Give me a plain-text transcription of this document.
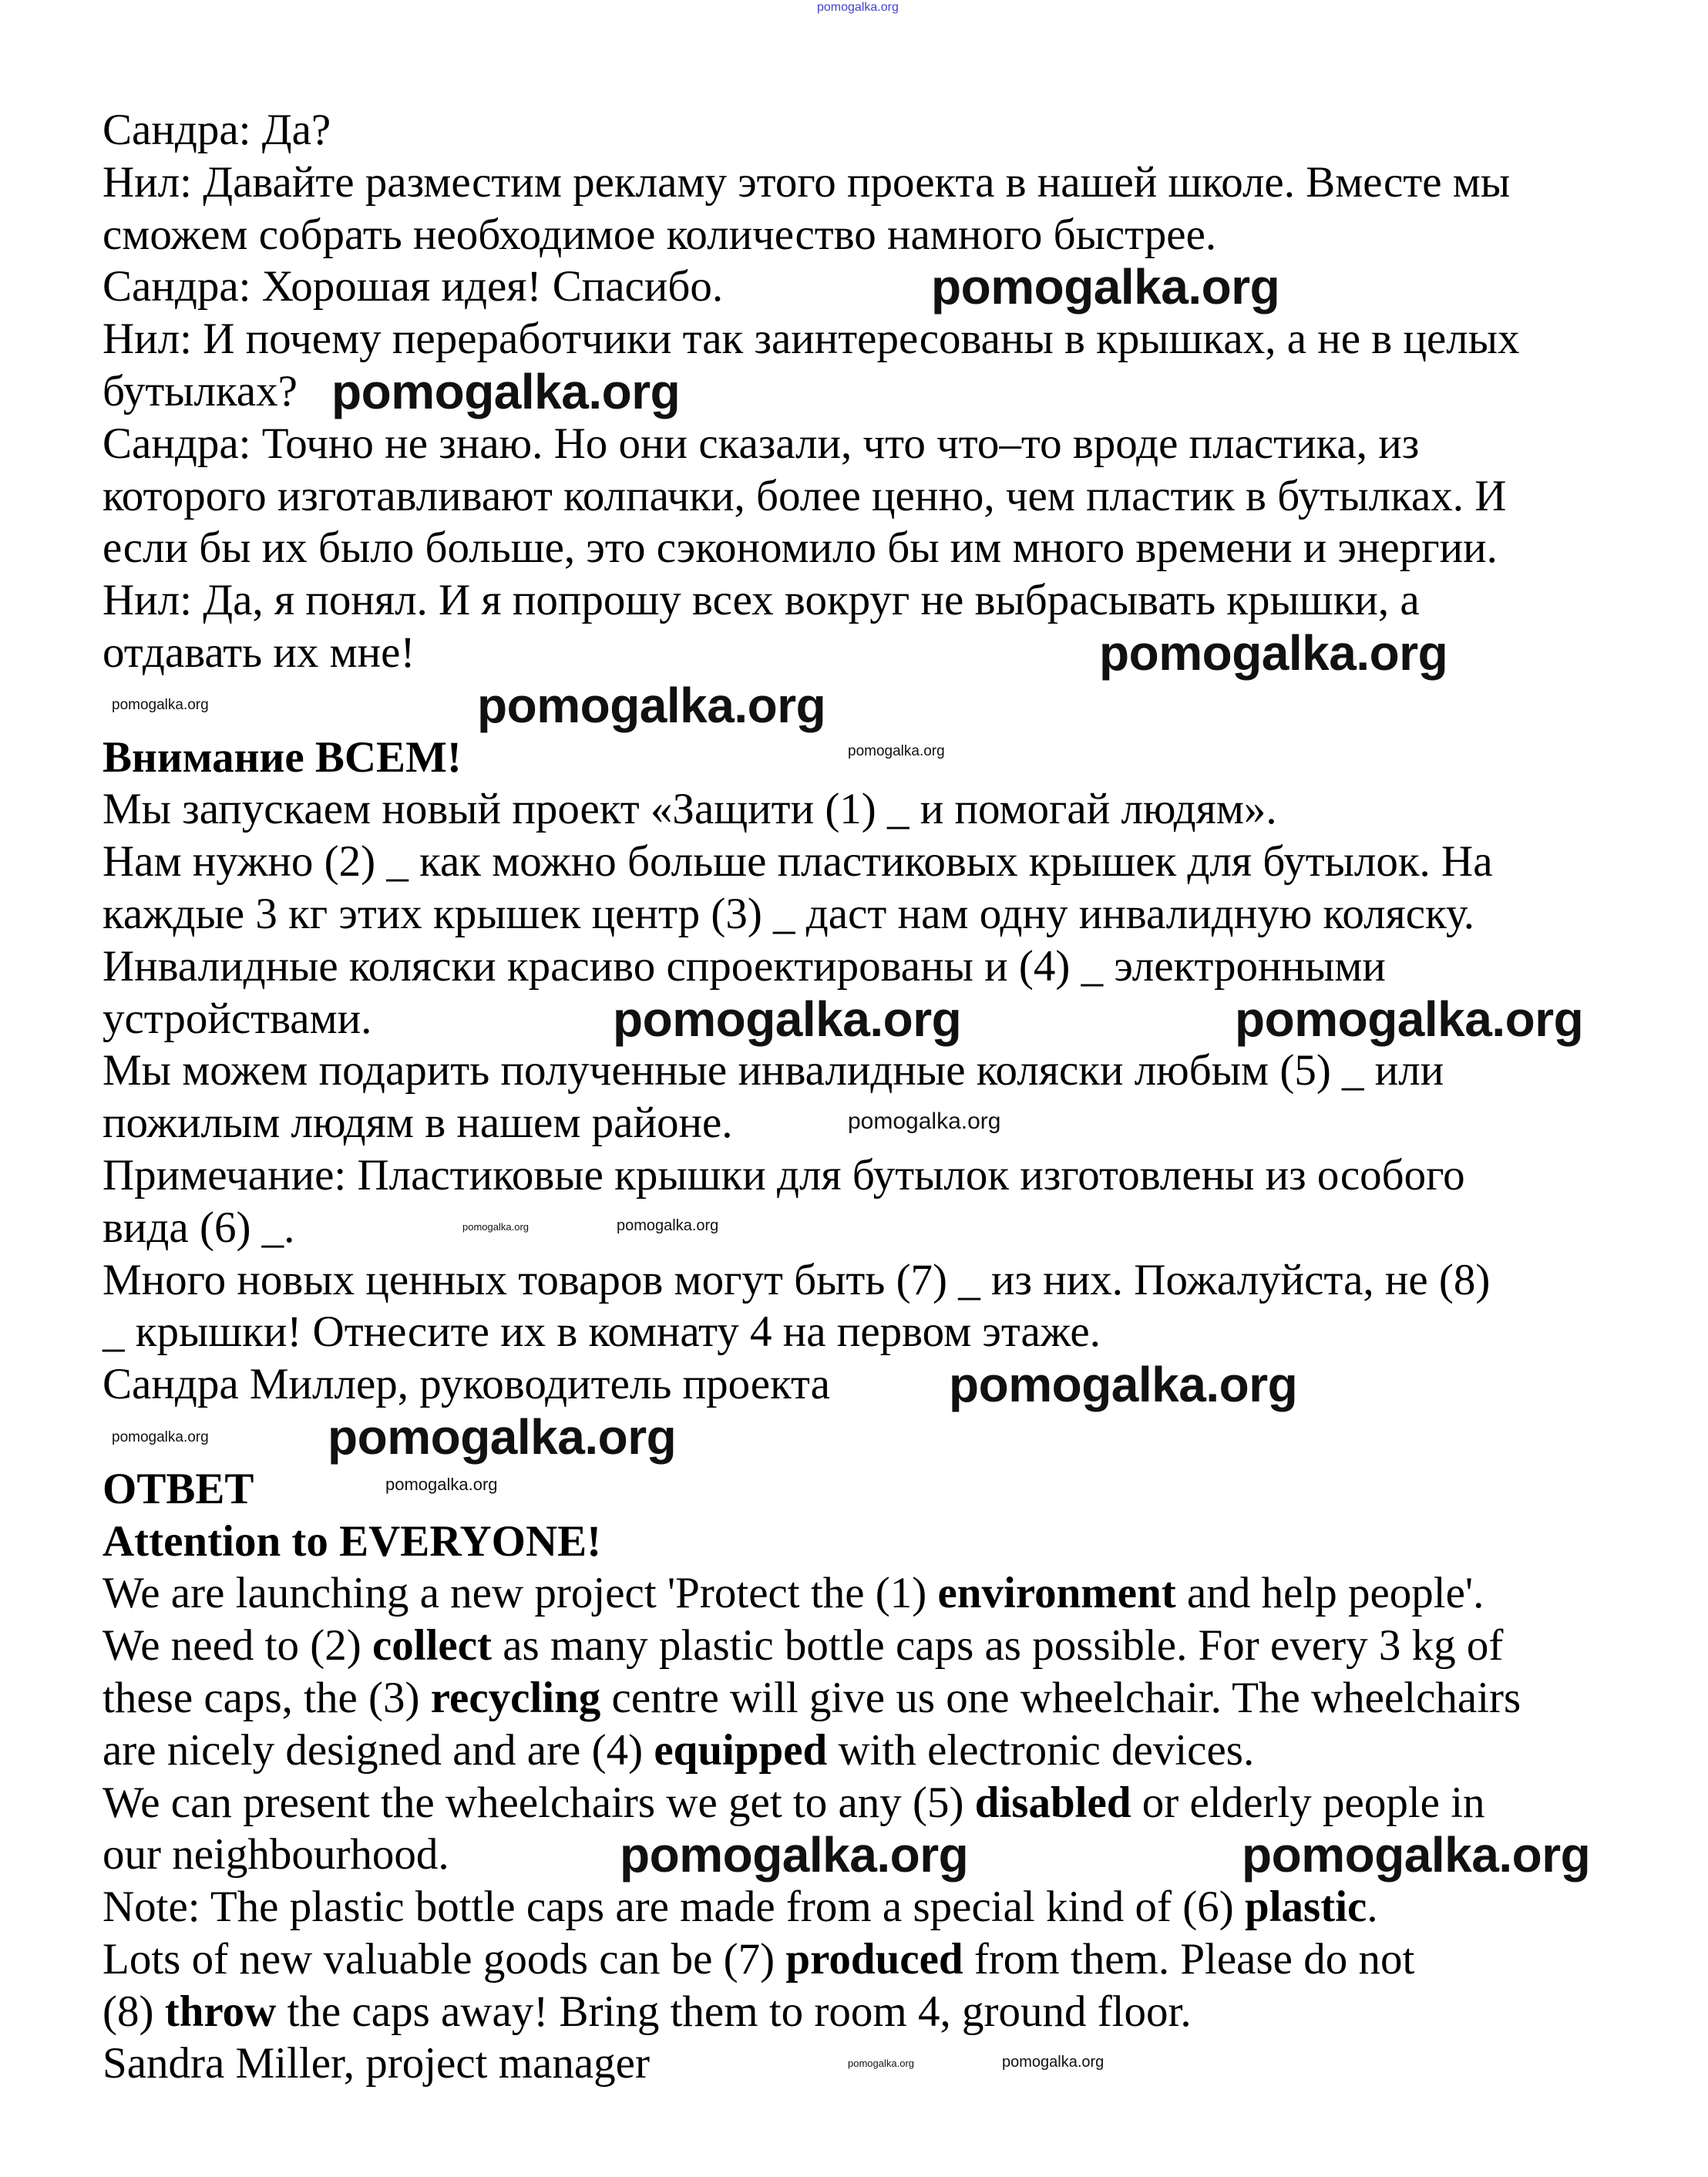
Сандра: Да?
Нил: Давайте разместим рекламу этого проекта в нашей школе. Вместе мы
сможем собрать необходимое количество намного быстрее.
Сандра: Хорошая идея! Спасибо.
Нил: И почему переработчики так заинтересованы в крышках, а не в целых
бутылках?
Сандра: Точно не знаю. Но они сказали, что что–то вроде пластика, из
которого изготавливают колпачки, более ценно, чем пластик в бутылках. И
если бы их было больше, это сэкономило бы им много времени и энергии.
Нил: Да, я понял. И я попрошу всех вокруг не выбрасывать крышки, а
отдавать их мне!
Внимание ВСЕМ!
Мы запускаем новый проект «Защити (1) _ и помогай людям».
Нам нужно (2) _ как можно больше пластиковых крышек для бутылок. На
каждые 3 кг этих крышек центр (3) _ даст нам одну инвалидную коляску.
Инвалидные коляски красиво спроектированы и (4) _ электронными
устройствами.
Мы можем подарить полученные инвалидные коляски любым (5) _ или
пожилым людям в нашем районе.
Примечание: Пластиковые крышки для бутылок изготовлены из особого
вида (6) _.
Много новых ценных товаров могут быть (7) _ из них. Пожалуйста, не (8)
_ крышки! Отнесите их в комнату 4 на первом этаже.
Сандра Миллер, руководитель проекта
ОТВЕТ
Attention to EVERYONE!
We are launching a new project 'Protect the (1) environment and help people'.
We need to (2) collect as many plastic bottle caps as possible. For every 3 kg of
these caps, the (3) recycling centre will give us one wheelchair. The wheelchairs
are nicely designed and are (4) equipped with electronic devices.
We can present the wheelchairs we get to any (5) disabled or elderly people in
our neighbourhood.
Note: The plastic bottle caps are made from a special kind of (6) plastic.
Lots of new valuable goods can be (7) produced from them. Please do not
(8) throw the caps away! Bring them to room 4, ground floor.
Sandra Miller, project manager
pomogalka.org
pomogalka.org
pomogalka.org
pomogalka.org
pomogalka.org
pomogalka.org
pomogalka.org
pomogalka.org
pomogalka.org
pomogalka.org	pomogalka.org
pomogalka.org
pomogalka.org
pomogalka.org
pomogalka.org
pomogalka.org
pomogalka.org	pomogalka.org
pomogalka.org	pomogalka.org
